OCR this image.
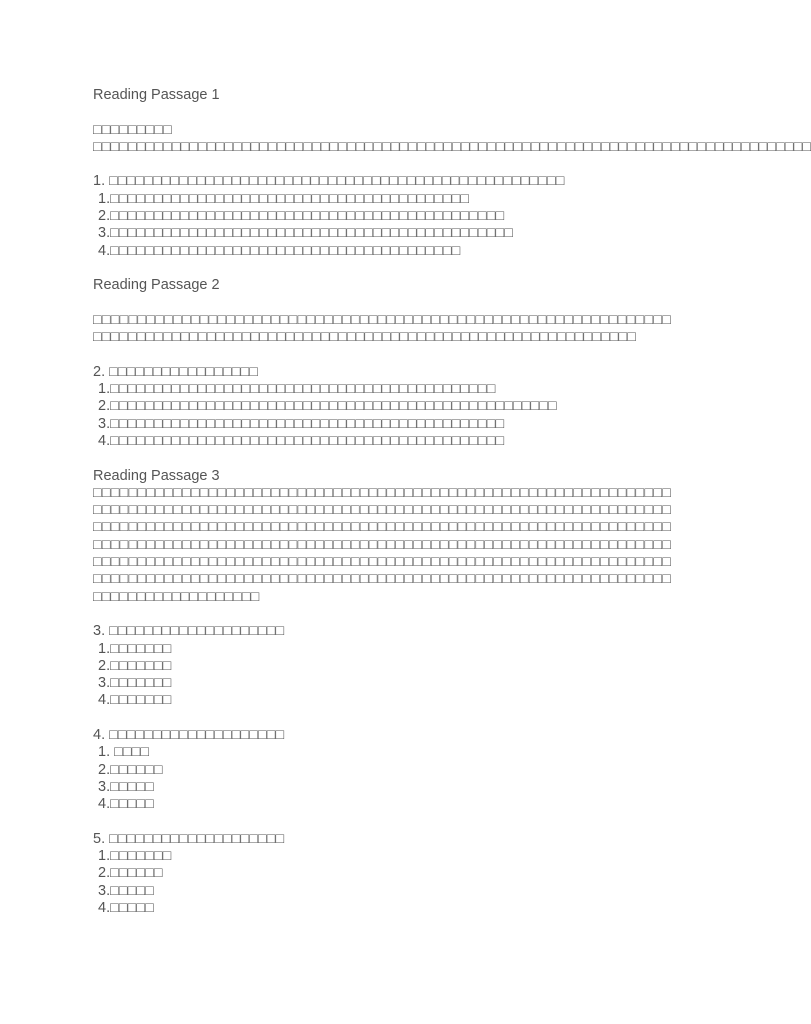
Reading Passage 1
□□□□□□□□□
□□□□□□□□□□□□□□□□□□□□□□□□□□□□□□□□□□□□□□□□□□□□□□□□□□□□□□□□□□□□□□□□□□□□□□□□□□□□□□□□□□
1. □□□□□□□□□□□□□□□□□□□□□□□□□□□□□□□□□□□□□□□□□□□□□□□□□□□□
1.□□□□□□□□□□□□□□□□□□□□□□□□□□□□□□□□□□□□□□□□□
2.□□□□□□□□□□□□□□□□□□□□□□□□□□□□□□□□□□□□□□□□□□□□□
3.□□□□□□□□□□□□□□□□□□□□□□□□□□□□□□□□□□□□□□□□□□□□□□
4.□□□□□□□□□□□□□□□□□□□□□□□□□□□□□□□□□□□□□□□□
Reading Passage 2
□□□□□□□□□□□□□□□□□□□□□□□□□□□□□□□□□□□□□□□□□□□□□□□□□□□□□□□□□□□□□□□□□□□□□□□□□□□□□□□□□□□□□□□□□□□□□□□□□□□□□□□□□□□□□□□□□□□□□□□□□□□□□□□
2. □□□□□□□□□□□□□□□□□
1.□□□□□□□□□□□□□□□□□□□□□□□□□□□□□□□□□□□□□□□□□□□□
2.□□□□□□□□□□□□□□□□□□□□□□□□□□□□□□□□□□□□□□□□□□□□□□□□□□□
3.□□□□□□□□□□□□□□□□□□□□□□□□□□□□□□□□□□□□□□□□□□□□□
4.□□□□□□□□□□□□□□□□□□□□□□□□□□□□□□□□□□□□□□□□□□□□□
Reading Passage 3
□□□□□□□□□□□□□□□□□□□□□□□□□□□□□□□□□□□□□□□□□□□□□□□□□□□□□□□□□□□□□□□□□□□□□□□□□□□□□□□□□□□□□□□□□□□□□□□□□□□□□□□□□□□□□□□□□□□□□□□□□□□□□□□□□□□□□□□□□□□□□□□□□□□□□□□□□□□□□□□□□□□□□□□□□□□□□□□□□□□□□□□□□□□□□□□□□□□□□□□□□□□□□□□□□□□□□□□□□□□□□□□□□□□□□□□□□□□□□□□□□□□□□□□□□□□□□□□□□□□□□□□□□□□□□□□□□□□□□□□□□□□□□□□□□□□□□□□□□□□□□□□□□□□□□□□□□□□□□□□□□□□□□□□□□□□□□□□□□□□□□□□□□□□□□□□□□□□□□□□□□□□□□□□□□□□□□□□□□□□□□□□□□□□□□□□□□□□□□□□□□□□□□□□□□
3. □□□□□□□□□□□□□□□□□□□□
1.□□□□□□□
2.□□□□□□□
3.□□□□□□□
4.□□□□□□□
4. □□□□□□□□□□□□□□□□□□□□
1. □□□□
2.□□□□□□
3.□□□□□
4.□□□□□
5. □□□□□□□□□□□□□□□□□□□□
1.□□□□□□□
2.□□□□□□
3.□□□□□
4.□□□□□
